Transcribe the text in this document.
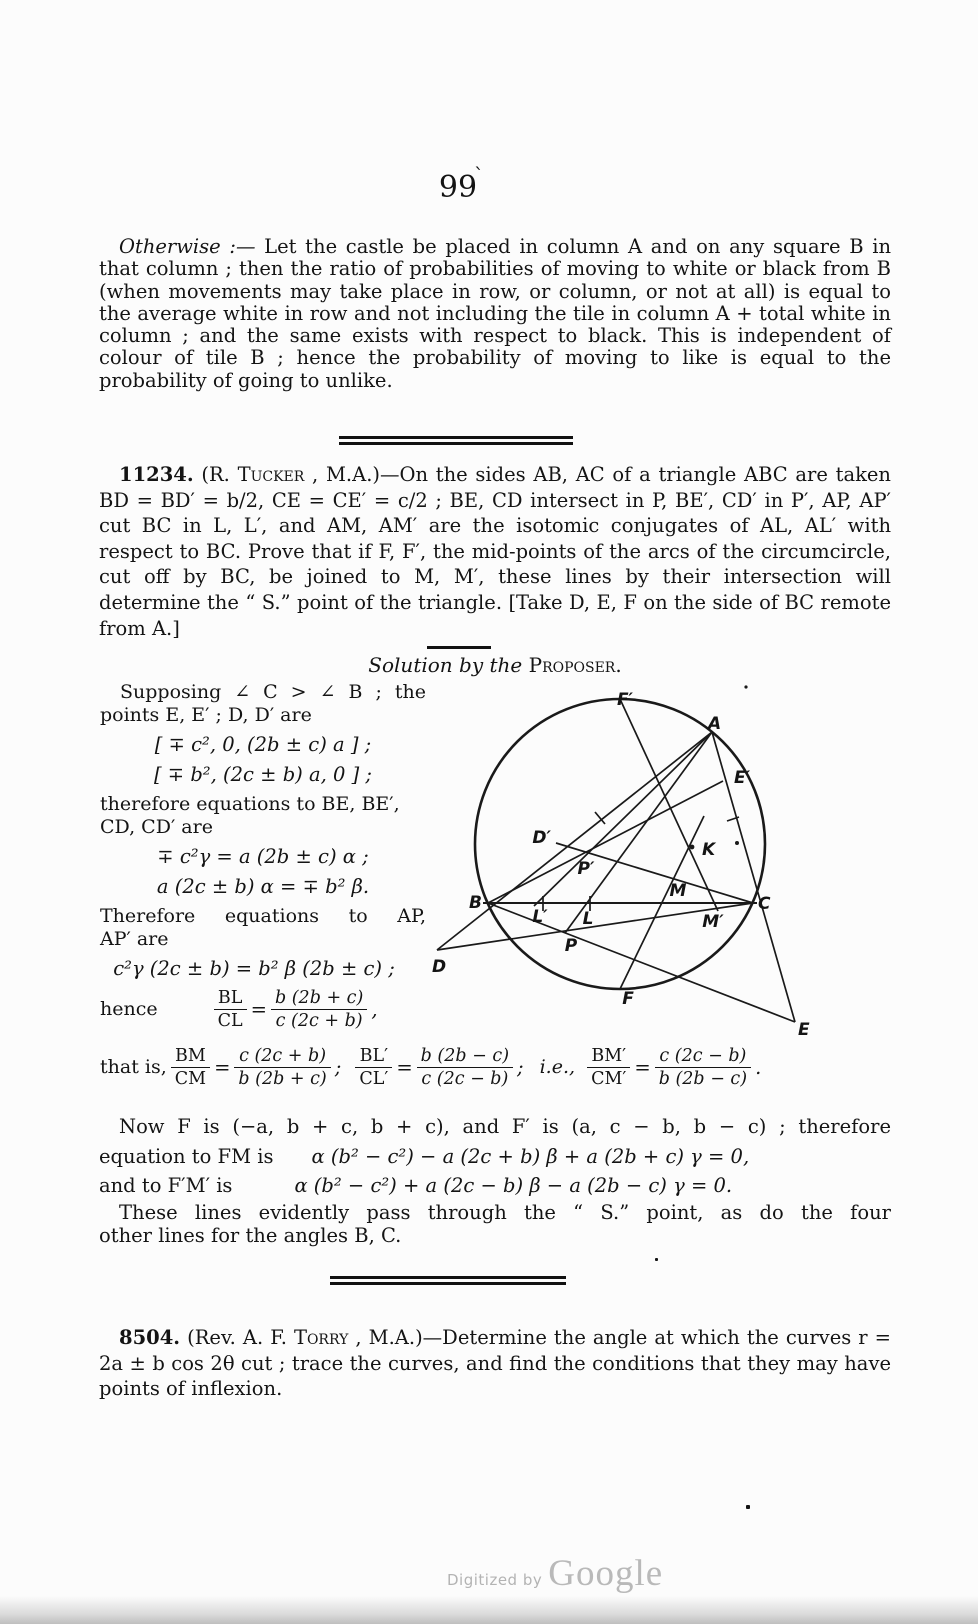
99
`
Otherwise :— Let the castle be placed in column A and on any square B in that column ; then the ratio of probabilities of moving to white or black from B (when movements may take place in row, or column, or not at all) is equal to the average white in row and not including the tile in column A + total white in column ; and the same exists with respect to black. This is independent of colour of tile B ; hence the probability of moving to like is equal to the probability of going to unlike.
11234. (R. Tucker , M.A.)—On the sides AB, AC of a triangle ABC are taken BD = BD′ = b/2, CE = CE′ = c/2 ; BE, CD intersect in P, BE′, CD′ in P′, AP, AP′ cut BC in L, L′, and AM, AM′ are the isotomic conjugates of AL, AL′ with respect to BC. Prove that if F, F′, the mid-points of the arcs of the circumcircle, cut off by BC, be joined to M, M′, these lines by their intersection will determine the “ S.” point of the triangle. [Take D, E, F on the side of BC remote from A.]
Solution by the Proposer.
Supposing ∠ C > ∠ B ; the
points E, E′ ; D, D′ are
[ ∓ c², 0, (2b ± c) a ] ;
[ ∓ b², (2c ± b) a, 0 ] ;
therefore equations to BE, BE′,
CD, CD′ are
∓ c²γ = a (2b ± c) α ;
a (2c ± b) α = ∓ b² β.
Therefore equations to AP,
AP′ are
c²γ (2c ± b) = b² β (2b ± c) ;
hence	$\frac{BL}{CL} = \frac{b (2b + c)}{c (2c + b)}$ ,
F′
A
E′
D′
P′
K
M
B
L′ L	M′
C
P
D
F
E
that is, $\frac{BM}{CM} = \frac{c (2c + b)}{b (2b + c)}$ ; $\frac{BL'}{CL'} = \frac{b (2b - c)}{c (2c - b)}$ ; i.e., $\frac{BM'}{CM'} = \frac{c (2c - b)}{b (2b - c)}$ .
Now F is (−a, b + c, b + c), and F′ is (a, c − b, b − c) ; therefore
equation to FM is α (b² − c²) − a (2c + b) β + a (2b + c) γ = 0,
and to F′M′ is	α (b² − c²) + a (2c − b) β − a (2b − c) γ = 0.
These lines evidently pass through the “ S.” point, as do the four
other lines for the angles B, C.
8504. (Rev. A. F. Torry , M.A.)—Determine the angle at which the curves r = 2a ± b cos 2θ cut ; trace the curves, and find the conditions that they may have points of inflexion.
Digitized by Google
